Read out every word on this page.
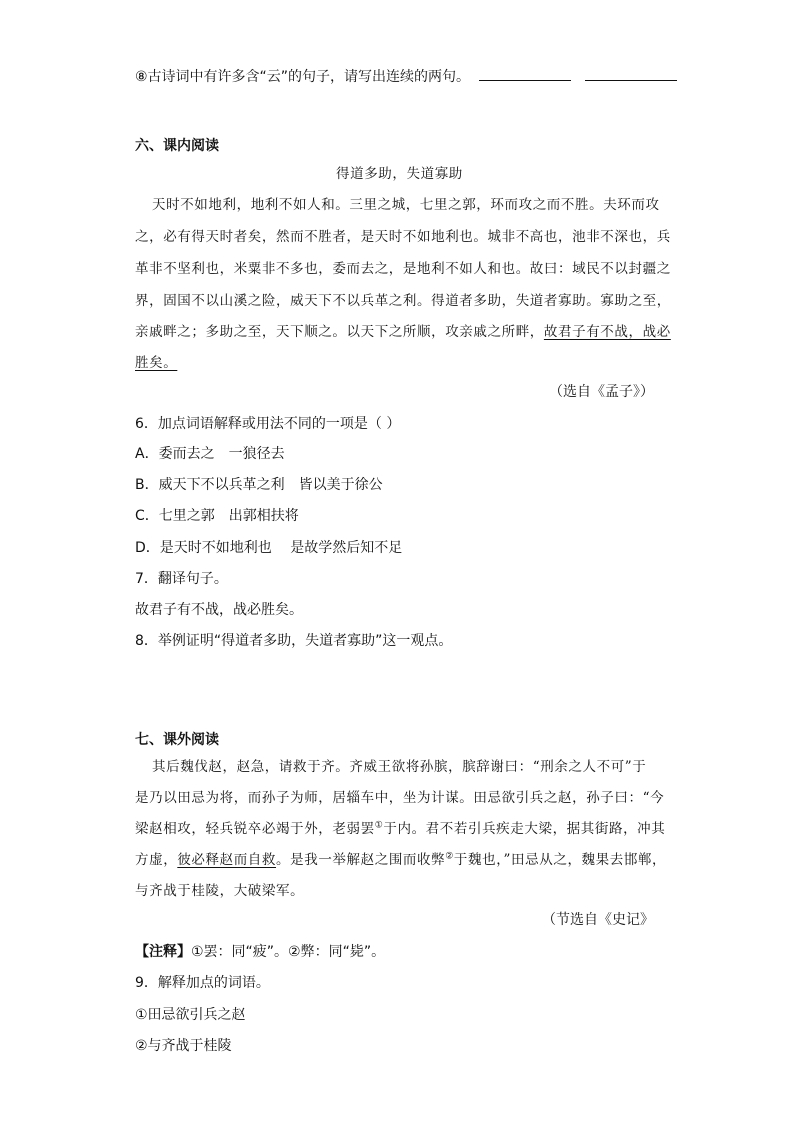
⑧古诗词中有许多含“云”的句子，请写出连续的两句。
六、课内阅读
得道多助，失道寡助
天时不如地利，地利不如人和。三里之城，七里之郭，环而攻之而不胜。夫环而攻
之，必有得天时者矣，然而不胜者，是天时不如地利也。城非不高也，池非不深也，兵
革非不坚利也，米粟非不多也，委而去之，是地利不如人和也。故曰：域民不以封疆之
界，固国不以山溪之险，威天下不以兵革之利。得道者多助，失道者寡助。寡助之至，
亲戚畔之；多助之至，天下顺之。以天下之所顺，攻亲戚之所畔，故君子有不战，战必
胜矣。
（选自《孟子》）
6．加点词语解释或用法不同的一项是（ ）
A．委而去之　一狼径去
B．威天下不以兵革之利　皆以美于徐公
C．七里之郭　出郭相扶将
D．是天时不如地利也　 是故学然后知不足
7．翻译句子。
故君子有不战，战必胜矣。
8．举例证明“得道者多助，失道者寡助”这一观点。
七、课外阅读
其后魏伐赵，赵急，请救于齐。齐威王欲将孙膑，膑辞谢曰：“刑余之人不可”于
是乃以田忌为将，而孙子为师，居辎车中，坐为计谋。田忌欲引兵之赵，孙子曰：“今
梁赵相攻，轻兵锐卒必竭于外，老弱罢①于内。君不若引兵疾走大梁，据其街路，冲其
方虚，彼必释赵而自救。是我一举解赵之围而收弊②于魏也，”田忌从之，魏果去邯郸，
与齐战于桂陵，大破梁军。
（节选自《史记》
【注释】①罢：同“疲”。②弊：同“毙”。
9．解释加点的词语。
①田忌欲引兵之赵
②与齐战于桂陵
